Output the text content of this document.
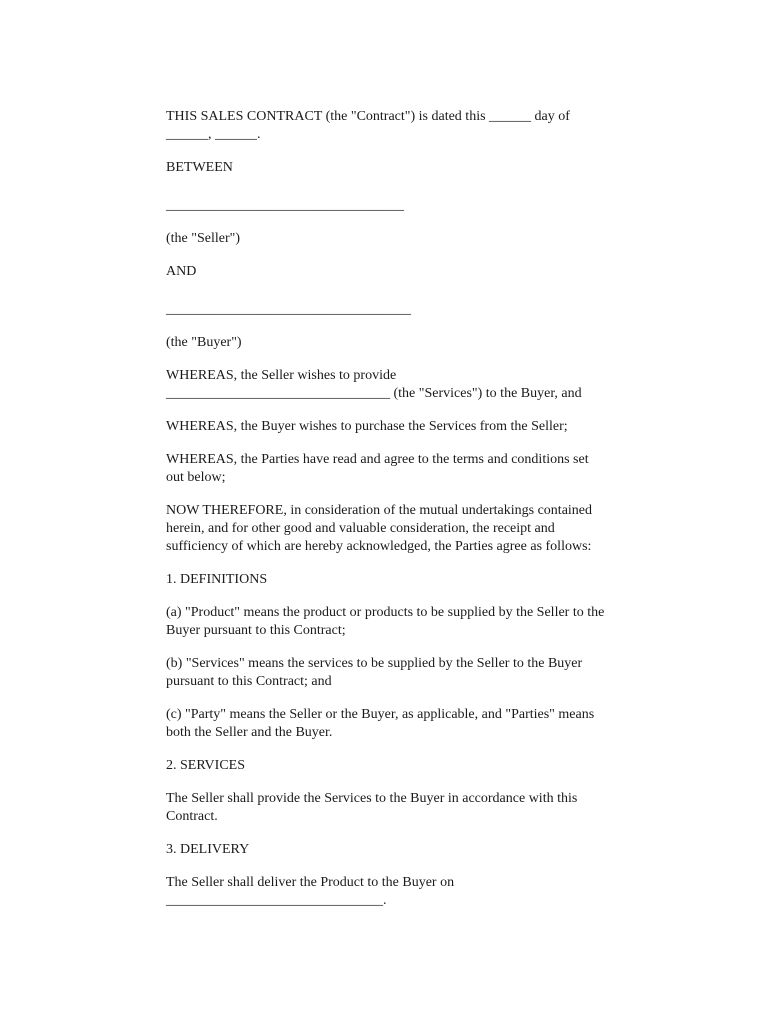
THIS SALES CONTRACT (the "Contract") is dated this ______ day of
______, ______.
BETWEEN
__________________________________
(the "Seller")
AND
___________________________________
(the "Buyer")
WHEREAS, the Seller wishes to provide
________________________________ (the "Services") to the Buyer, and
WHEREAS, the Buyer wishes to purchase the Services from the Seller;
WHEREAS, the Parties have read and agree to the terms and conditions set
out below;
NOW THEREFORE, in consideration of the mutual undertakings contained
herein, and for other good and valuable consideration, the receipt and
sufficiency of which are hereby acknowledged, the Parties agree as follows:
1. DEFINITIONS
(a) "Product" means the product or products to be supplied by the Seller to the
Buyer pursuant to this Contract;
(b) "Services" means the services to be supplied by the Seller to the Buyer
pursuant to this Contract; and
(c) "Party" means the Seller or the Buyer, as applicable, and "Parties" means
both the Seller and the Buyer.
2. SERVICES
The Seller shall provide the Services to the Buyer in accordance with this
Contract.
3. DELIVERY
The Seller shall deliver the Product to the Buyer on
_______________________________.
